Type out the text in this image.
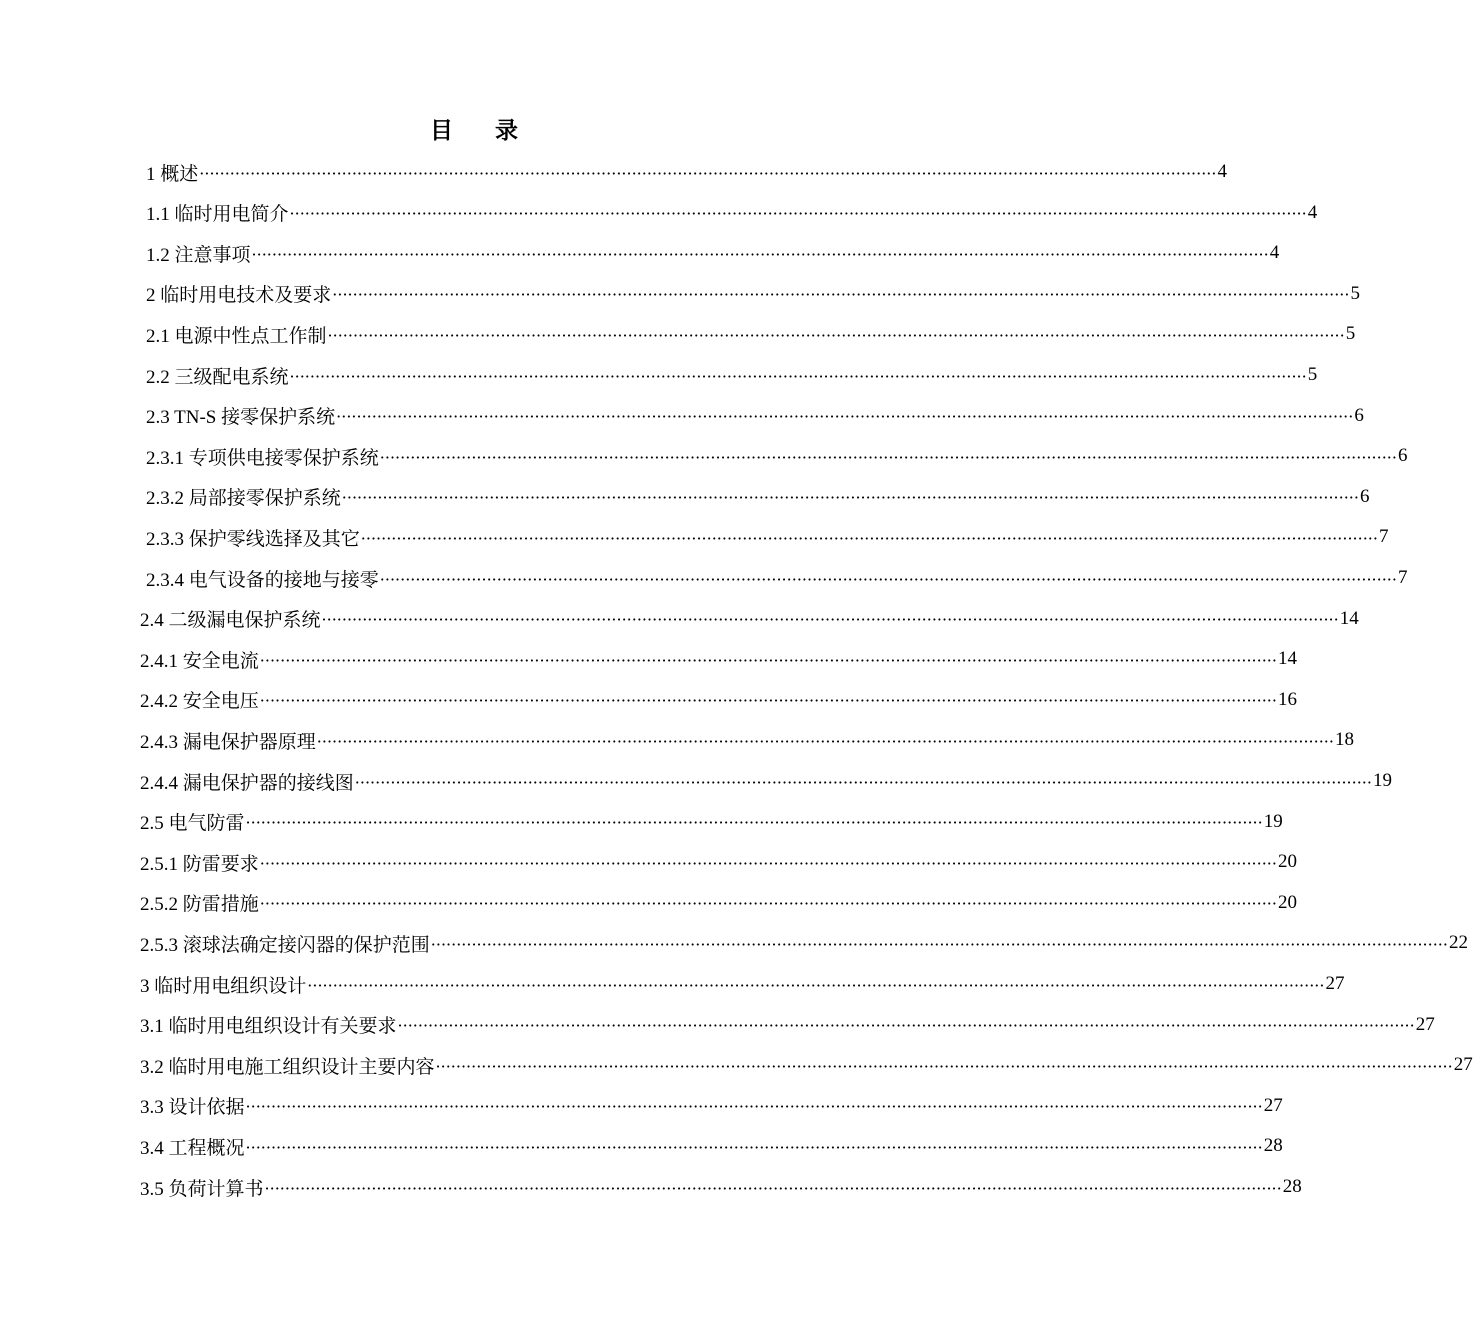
目 录
1 概述 ········································································································································································································ 4
1.1 临时用电简介 ········································································································································································································ 4
1.2 注意事项 ········································································································································································································ 4
2 临时用电技术及要求 ········································································································································································································ 5
2.1 电源中性点工作制 ········································································································································································································ 5
2.2 三级配电系统 ········································································································································································································ 5
2.3 TN-S 接零保护系统 ········································································································································································································ 6
2.3.1 专项供电接零保护系统 ········································································································································································································ 6
2.3.2 局部接零保护系统 ········································································································································································································ 6
2.3.3 保护零线选择及其它 ········································································································································································································ 7
2.3.4 电气设备的接地与接零 ········································································································································································································ 7
2.4 二级漏电保护系统 ········································································································································································································ 14
2.4.1 安全电流 ········································································································································································································ 14
2.4.2 安全电压 ········································································································································································································ 16
2.4.3 漏电保护器原理 ········································································································································································································ 18
2.4.4 漏电保护器的接线图 ········································································································································································································ 19
2.5 电气防雷 ········································································································································································································ 19
2.5.1 防雷要求 ········································································································································································································ 20
2.5.2 防雷措施 ········································································································································································································ 20
2.5.3 滚球法确定接闪器的保护范围 ········································································································································································································ 22
3 临时用电组织设计 ········································································································································································································ 27
3.1 临时用电组织设计有关要求 ········································································································································································································ 27
3.2 临时用电施工组织设计主要内容 ········································································································································································································ 27
3.3 设计依据 ········································································································································································································ 27
3.4 工程概况 ········································································································································································································ 28
3.5 负荷计算书 ········································································································································································································ 28
